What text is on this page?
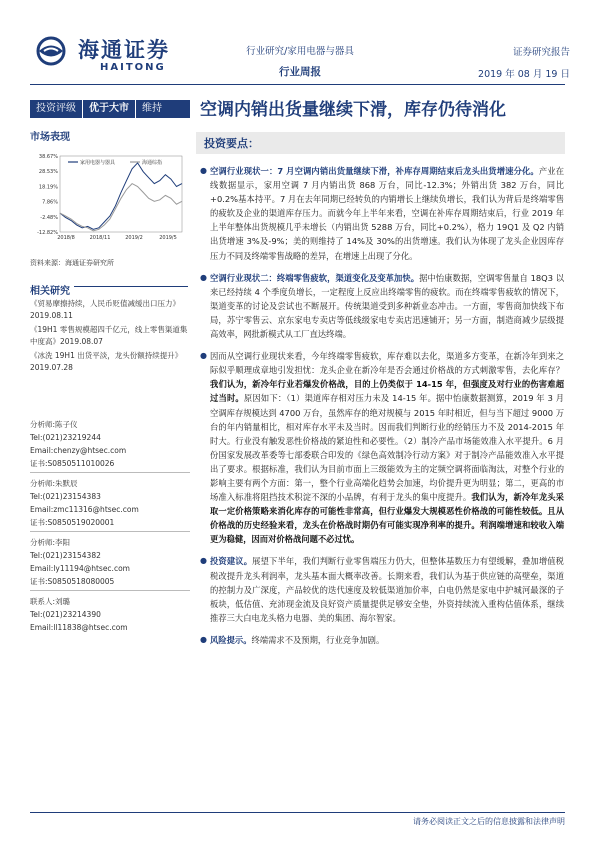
海通证券
HAITONG
行业研究/家用电器与器具
行业周报
证券研究报告
2019 年 08 月 19 日
投资评级	优于大市	维持	空调内销出货量继续下滑，库存仍待消化
市场表现
38.67%
28.53%
18.19%
7.86%
-2.48%
-12.82%
2018/8	2018/11	2019/2	2019/5
家用电器与器具	海通综指
资料来源：海通证券研究所
相关研究

《贸易摩擦持续，人民币贬值减缓出口压力》2019.08.11

《19H1 零售规模超四千亿元，线上零售渠道集中度高》2019.08.07

《冰洗 19H1 出货平淡，龙头份额持续提升》2019.07.28

分析师:陈子仪
Tel:(021)23219244
Email:chenzy@htsec.com
证书:S0850511010026
分析师:朱默辰
Tel:(021)23154383
Email:zmc11316@htsec.com
证书:S0850519020001
分析师:李阳
Tel:(021)23154382
Email:ly11194@htsec.com
证书:S0850518080005
联系人:刘璐
Tel:(021)23214390
Email:ll11838@htsec.com
投资要点：
● 空调行业现状一：7 月空调内销出货量继续下滑，补库存周期结束后龙头出货增速分化。产业在线数据显示，家用空调 7 月内销出货 868 万台，同比-12.3%；外销出货 382 万台，同比+0.2%基本持平。7 月在去年同期已经转负的内销增长上继续负增长，我们认为背后是终端零售的疲软及企业的渠道库存压力。而就今年上半年来看，空调在补库存周期结束后，行业 2019 年上半年整体出货规模几乎未增长（内销出货 5288 万台，同比+0.2%），格力 19Q1 及 Q2 内销出货增速 3%及-9%；美的则维持了 14%及 30%的出货增速。我们认为体现了龙头企业因库存压力不同及终端零售战略的差异，在增速上出现了分化。
● 空调行业现状二：终端零售疲软，渠道变化及变革加快。据中怡康数据，空调零售量自 18Q3 以来已经持续 4 个季度负增长，一定程度上反应出终端零售的疲软。而在终端零售疲软的情况下，渠道变革的讨论及尝试也不断展开。传统渠道受到多种新业态冲击。一方面，零售商加快线下布局，苏宁零售云、京东家电专卖店等低线级家电专卖店迅速铺开；另一方面，制造商减少层级提高效率，网批新模式从工厂直达终端。
● 因而从空调行业现状来看，今年终端零售疲软，库存难以去化，渠道多方变革，在新冷年到来之际似乎顺理成章地引发担忧：龙头企业在新冷年是否会通过价格战的方式刺激零售，去化库存？我们认为，新冷年行业若爆发价格战，目的上仍类似于 14-15 年，但强度及对行业的伤害难超过当时。原因如下：（1）渠道库存相对压力未及 14-15 年。据中怡康数据测算，2019 年 3 月空调库存规模达到 4700 万台，虽然库存的绝对规模与 2015 年时相近，但与当下超过 9000 万台的年内销量相比，相对库存水平未及当时。因而我们判断行业的经销压力不及 2014-2015 年时大。行业没有触发恶性价格战的紧迫性和必要性。（2）制冷产品市场能效准入水平提升。6 月份国家发展改革委等七部委联合印发的《绿色高效制冷行动方案》对于制冷产品能效准入水平提出了要求。根据标准，我们认为目前市面上三级能效为主的定频空调将面临淘汰，对整个行业的影响主要有两个方面：第一，整个行业高端化趋势会加速，均价提升更为明显；第二，更高的市场准入标准将阻挡技术积淀不深的小品牌，有利于龙头的集中度提升。我们认为，新冷年龙头采取一定价格策略来消化库存的可能性非常高，但行业爆发大规模恶性价格战的可能性较低。且从价格战的历史经验来看，龙头在价格战时期仍有可能实现净利率的提升。利润端增速和较收入端更为稳健，因而对价格战问题不必过忧。
● 投资建议。展望下半年，我们判断行业零售端压力仍大，但整体基数压力有望缓解，叠加增值税税改提升龙头利润率，龙头基本面大概率改善。长期来看，我们认为基于供应链的高壁垒，渠道的控制力及广深度，产品较优的迭代速度及较低渠道加价率，白电仍然是家电中护城河最深的子板块，低估值、充沛现金流及良好资产质量提供足够安全垫，外资持续流入重构估值体系，继续推荐三大白电龙头格力电器、美的集团、海尔智家。
● 风险提示。终端需求不及预期，行业竞争加剧。
请务必阅读正文之后的信息披露和法律声明
